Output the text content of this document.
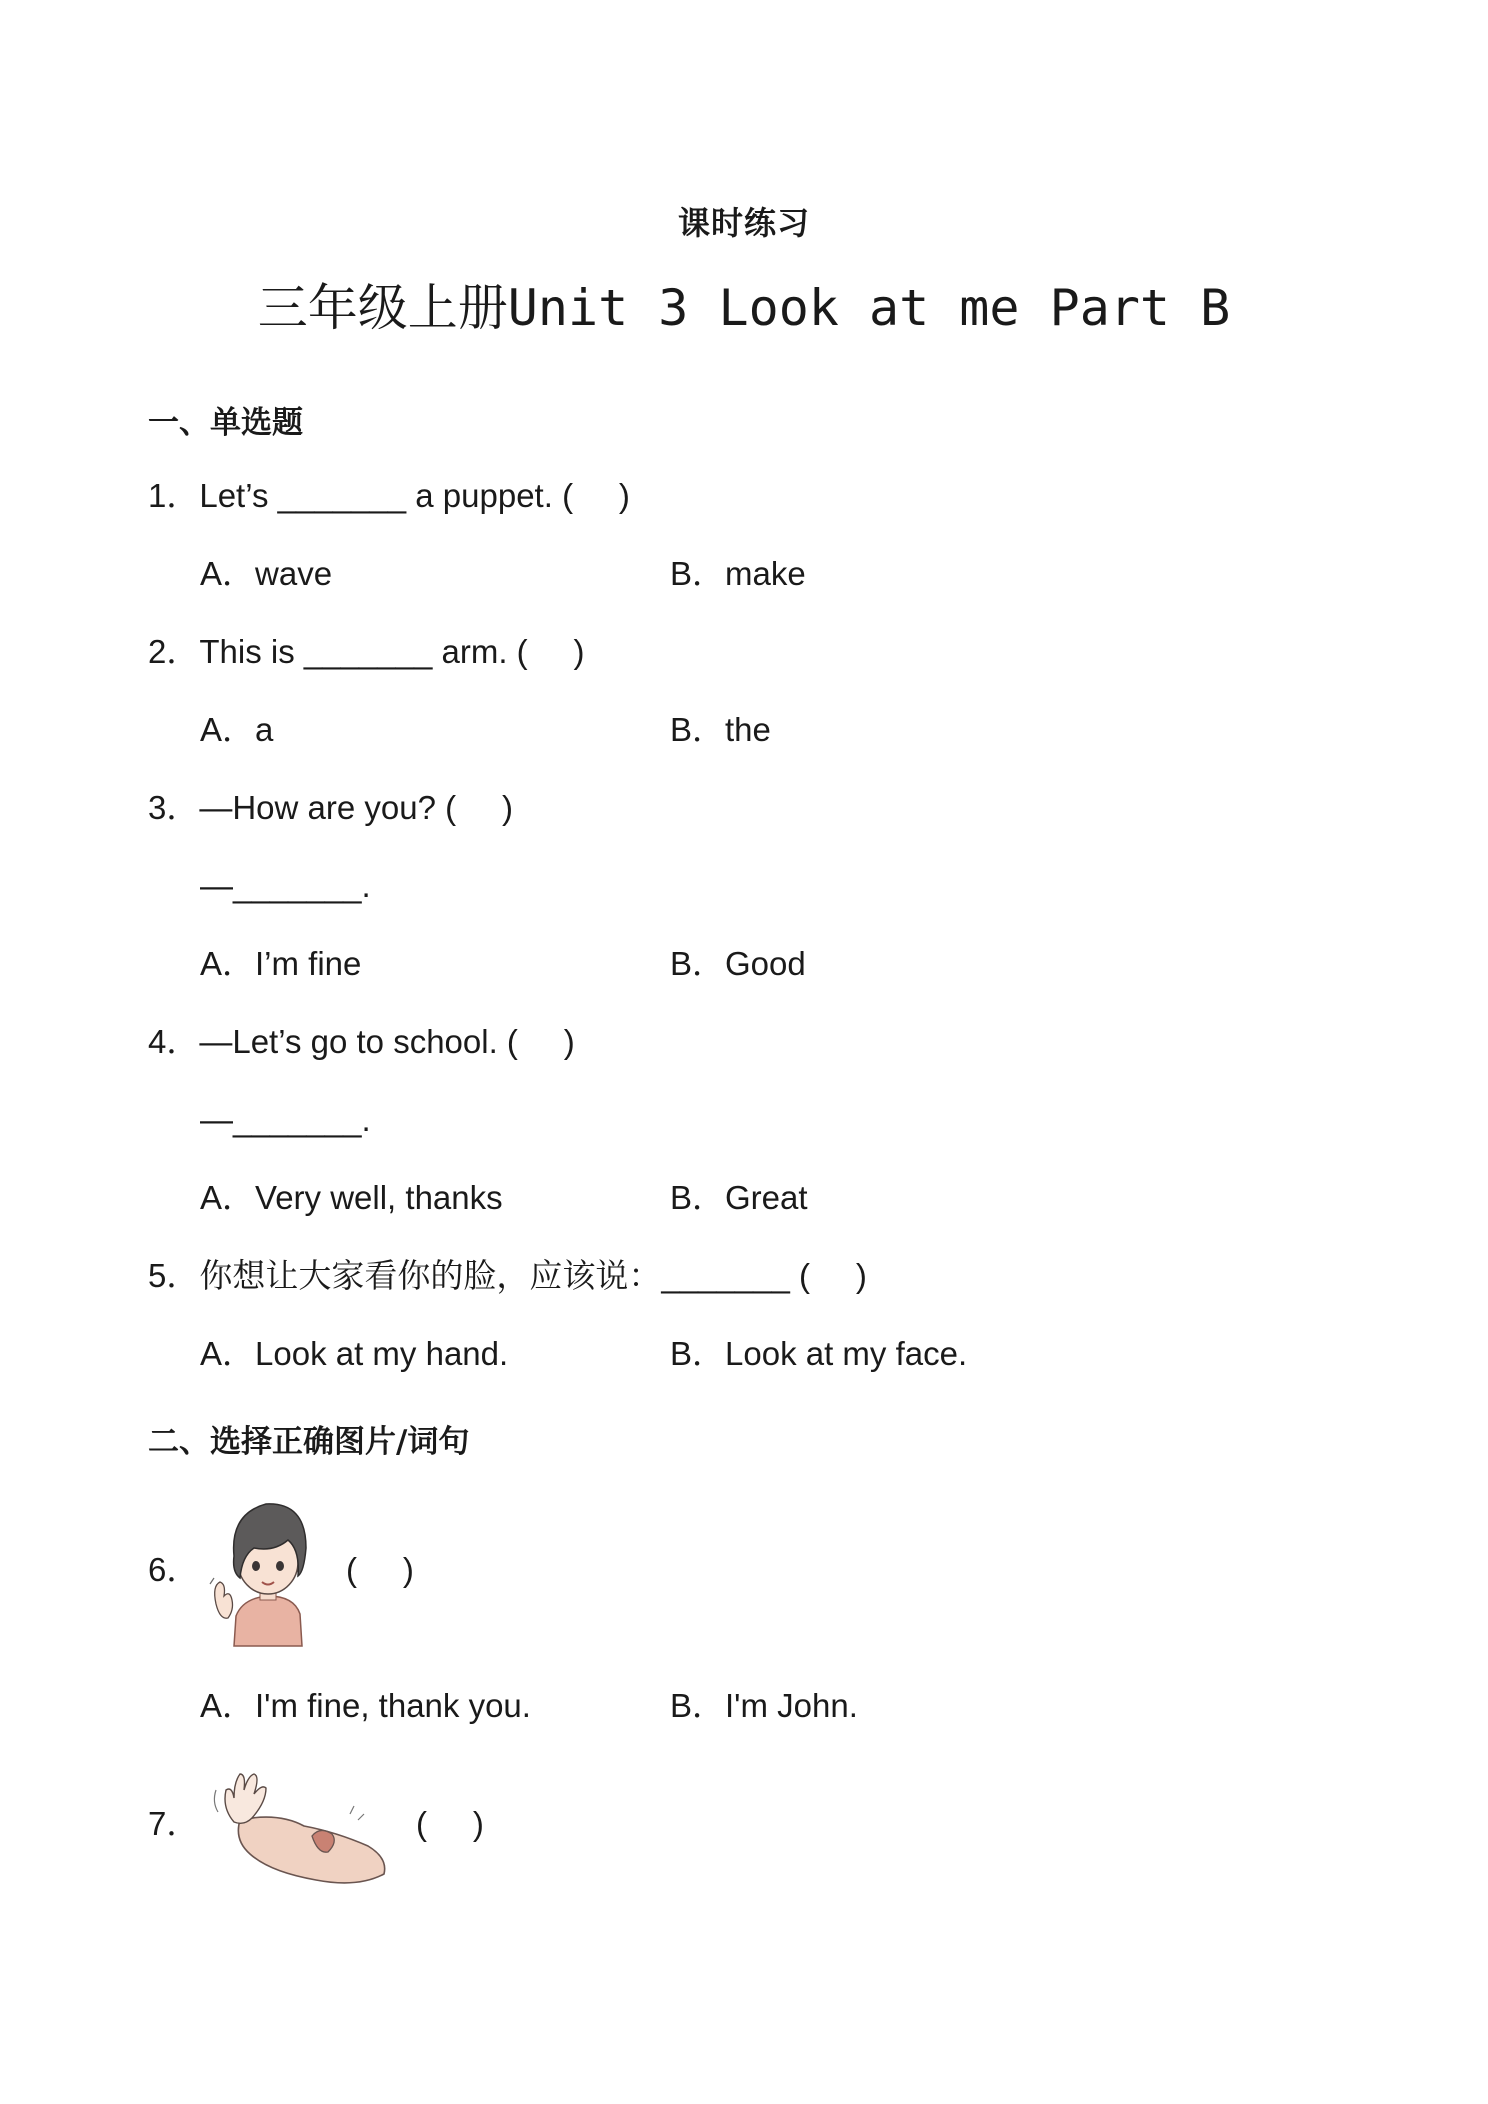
课时练习
三年级上册Unit 3 Look at me Part B
一、单选题
1．Let’s _______ a puppet. (     )
A．wave	B．make
2．This is _______ arm. (     )
A．a	B．the
3．—How are you? (     )
—_______.
A．I’m fine	B．Good
4．—Let’s go to school. (     )
—_______.
A．Very well, thanks	B．Great
5．你想让大家看你的脸，应该说：_______ (     )
A．Look at my hand.	B．Look at my face.
二、选择正确图片/词句
6．	(     )
A．I'm fine, thank you.	B．I'm John.
7．	(     )
